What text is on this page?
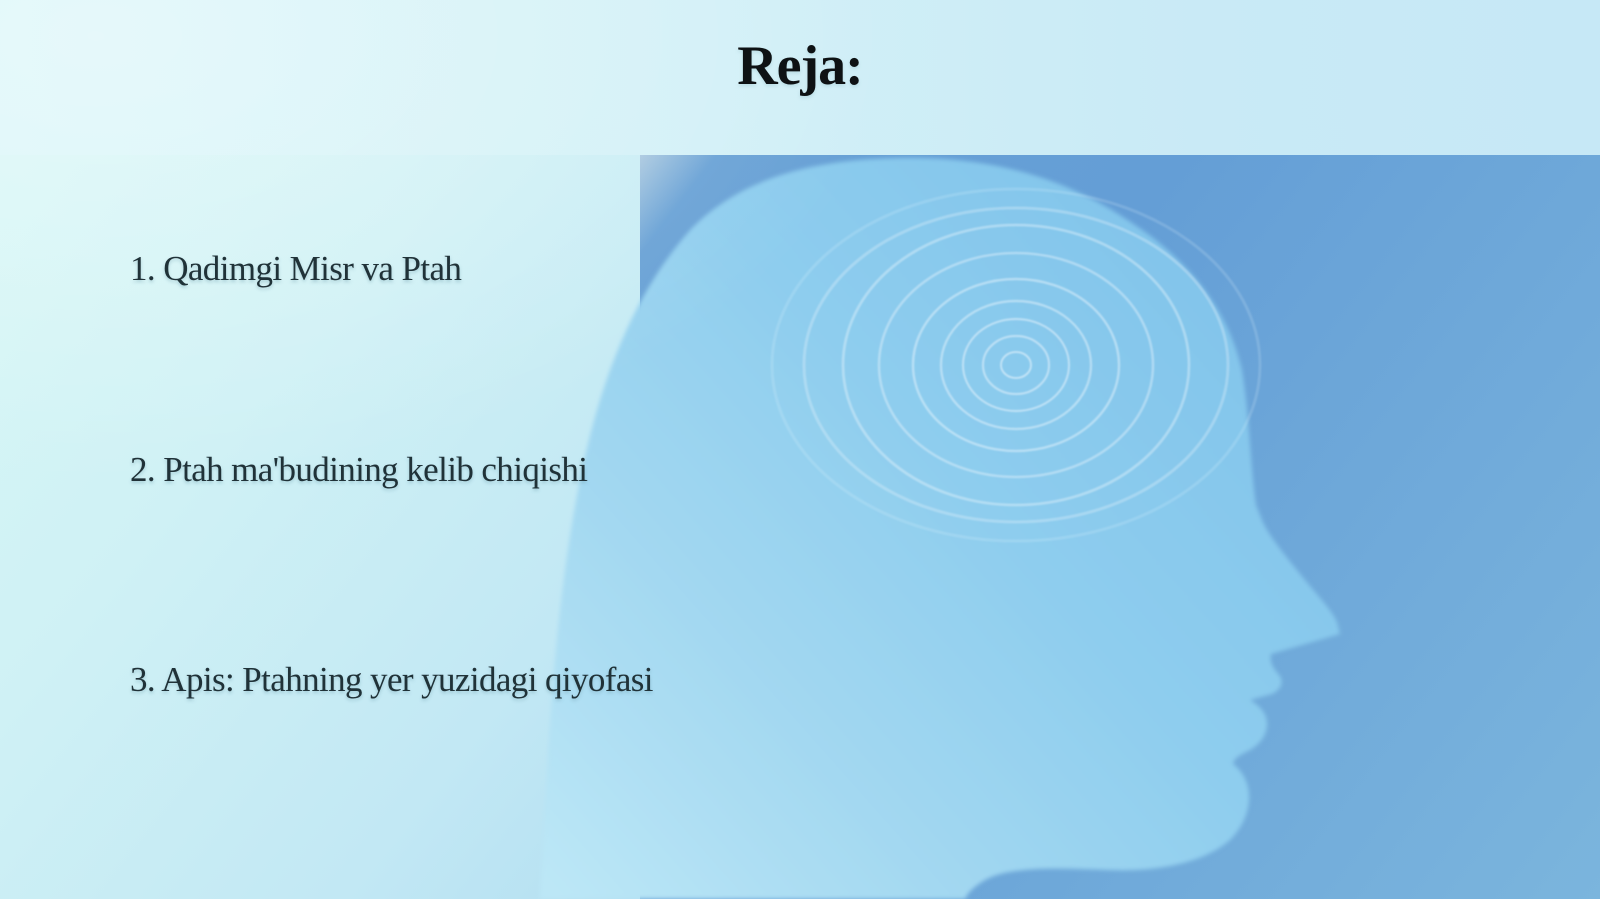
Reja:
1. Qadimgi Misr va Ptah
2. Ptah ma'budining kelib chiqishi
3. Apis: Ptahning yer yuzidagi qiyofasi
